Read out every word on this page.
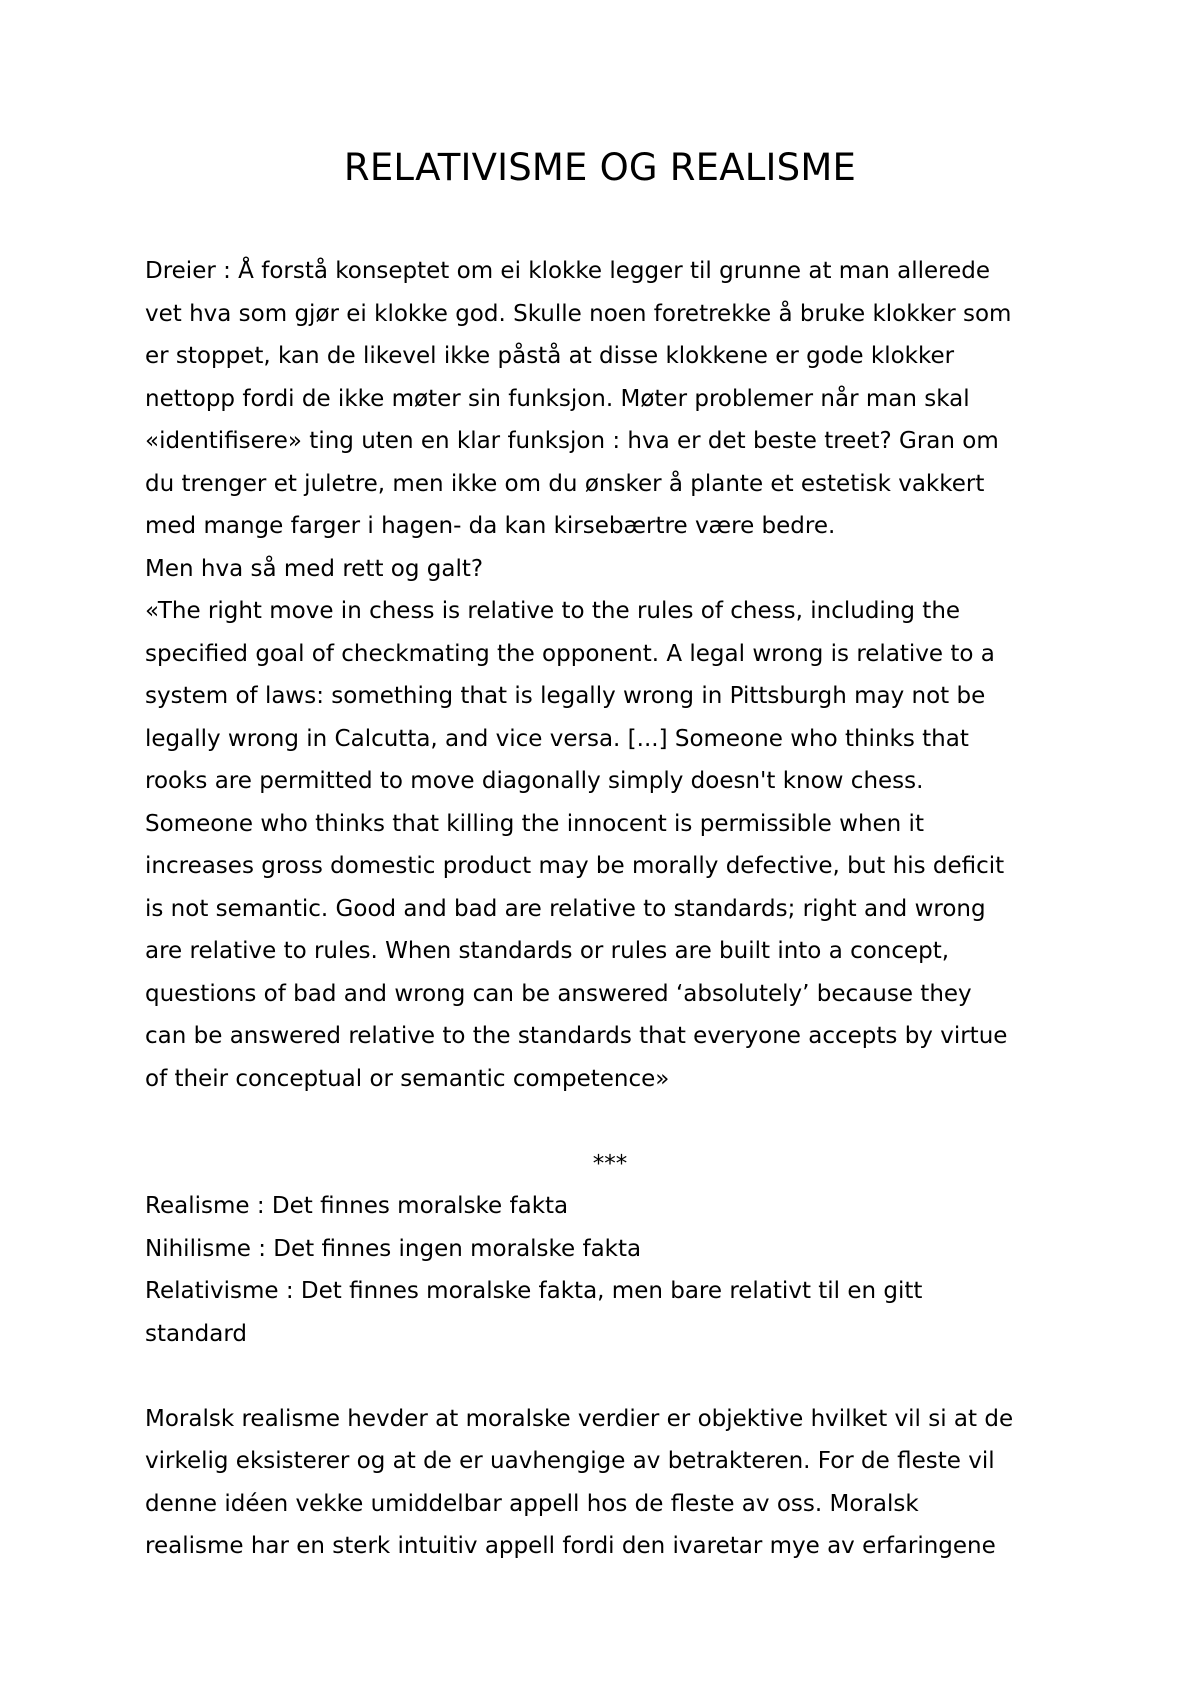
RELATIVISME OG REALISME
Dreier : Å forstå konseptet om ei klokke legger til grunne at man allerede
vet hva som gjør ei klokke god. Skulle noen foretrekke å bruke klokker som
er stoppet, kan de likevel ikke påstå at disse klokkene er gode klokker
nettopp fordi de ikke møter sin funksjon. Møter problemer når man skal
«identifisere» ting uten en klar funksjon : hva er det beste treet? Gran om
du trenger et juletre, men ikke om du ønsker å plante et estetisk vakkert
med mange farger i hagen- da kan kirsebærtre være bedre.
Men hva så med rett og galt?
«The right move in chess is relative to the rules of chess, including the
specified goal of checkmating the opponent. A legal wrong is relative to a
system of laws: something that is legally wrong in Pittsburgh may not be
legally wrong in Calcutta, and vice versa. [...] Someone who thinks that
rooks are permitted to move diagonally simply doesn't know chess.
Someone who thinks that killing the innocent is permissible when it
increases gross domestic product may be morally defective, but his deficit
is not semantic. Good and bad are relative to standards; right and wrong
are relative to rules. When standards or rules are built into a concept,
questions of bad and wrong can be answered ‘absolutely’ because they
can be answered relative to the standards that everyone accepts by virtue
of their conceptual or semantic competence»
***
Realisme : Det finnes moralske fakta
Nihilisme : Det finnes ingen moralske fakta
Relativisme : Det finnes moralske fakta, men bare relativt til en gitt
standard
Moralsk realisme hevder at moralske verdier er objektive hvilket vil si at de
virkelig eksisterer og at de er uavhengige av betrakteren. For de fleste vil
denne idéen vekke umiddelbar appell hos de fleste av oss. Moralsk
realisme har en sterk intuitiv appell fordi den ivaretar mye av erfaringene
